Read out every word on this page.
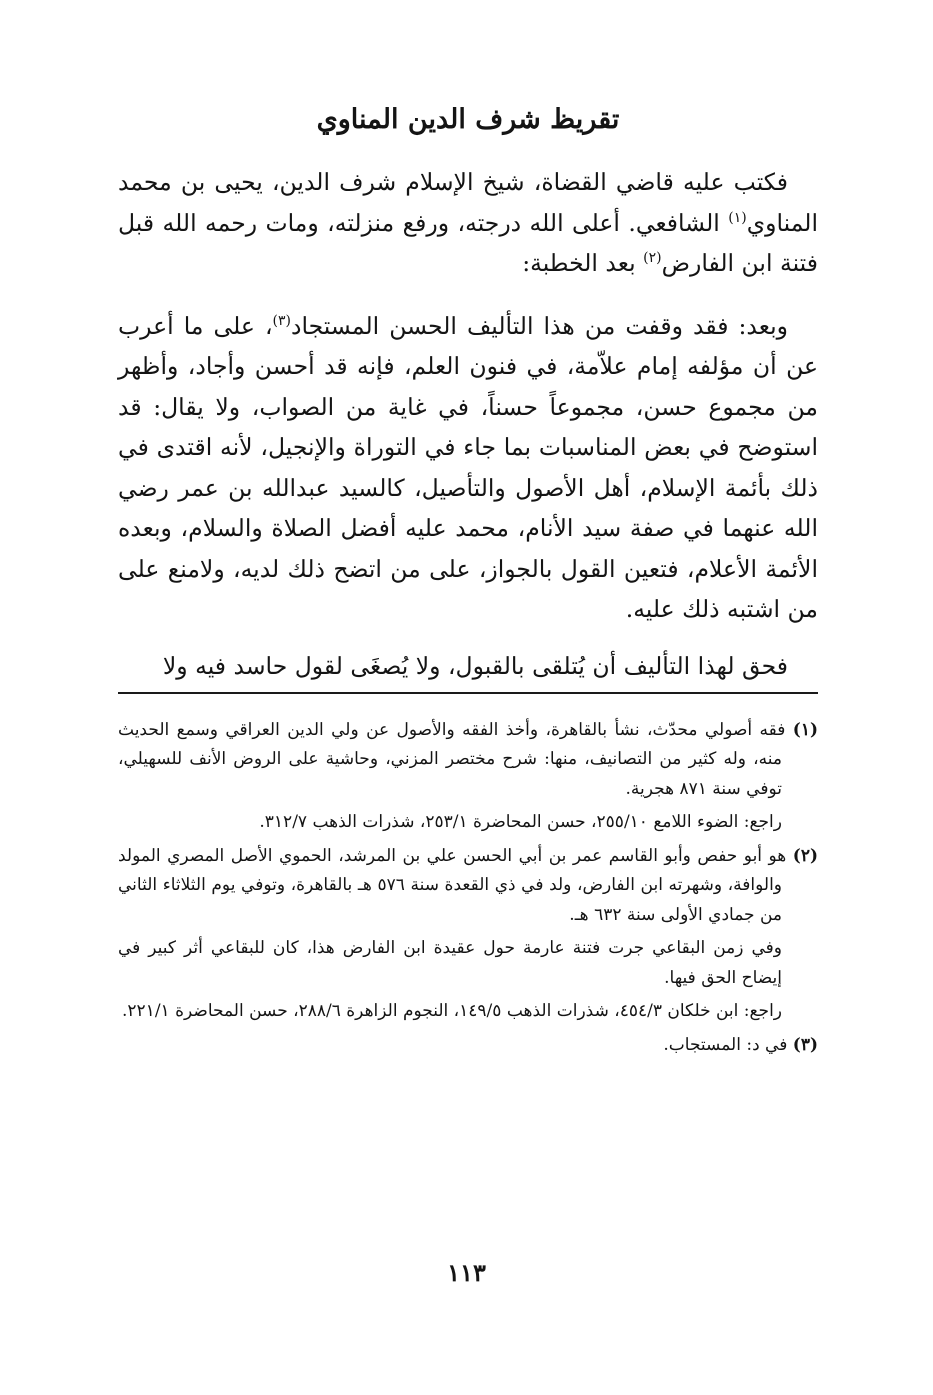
تقريظ شرف الدين المناوي

فكتب عليه قاضي القضاة، شيخ الإسلام شرف الدين، يحيى بن محمد المناوي$^{(١)}$ الشافعي. أعلى الله درجته، ورفع منزلته، ومات رحمه الله قبل فتنة ابن الفارض$^{(٢)}$ بعد الخطبة:

وبعد: فقد وقفت من هذا التأليف الحسن المستجاد$^{(٣)}$، على ما أعرب عن أن مؤلفه إمام علاّمة، في فنون العلم، فإنه قد أحسن وأجاد، وأظهر من مجموع حسن، مجموعاً حسناً، في غاية من الصواب، ولا يقال: قد استوضح في بعض المناسبات بما جاء في التوراة والإنجيل، لأنه اقتدى في ذلك بأئمة الإسلام، أهل الأصول والتأصيل، كالسيد عبدالله بن عمر رضي الله عنهما في صفة سيد الأنام، محمد عليه أفضل الصلاة والسلام، وبعده الأئمة الأعلام، فتعين القول بالجواز، على من اتضح ذلك لديه، ولامنع على من اشتبه ذلك عليه.

فحق لهذا التأليف أن يُتلقى بالقبول، ولا يُصغَى لقول حاسد فيه ولا

(١) فقه أصولي محدّث، نشأ بالقاهرة، وأخذ الفقه والأصول عن ولي الدين العراقي وسمع الحديث منه، وله كثير من التصانيف، منها: شرح مختصر المزني، وحاشية على الروض الأنف للسهيلي، توفي سنة ٨٧١ هجرية.

راجع: الضوء اللامع ٢٥٥/١٠، حسن المحاضرة ٢٥٣/١، شذرات الذهب ٣١٢/٧.

(٢) هو أبو حفص وأبو القاسم عمر بن أبي الحسن علي بن المرشد، الحموي الأصل المصري المولد والوافة، وشهرته ابن الفارض، ولد في ذي القعدة سنة ٥٧٦ هـ بالقاهرة، وتوفي يوم الثلاثاء الثاني من جمادي الأولى سنة ٦٣٢ هـ.

وفي زمن البقاعي جرت فتنة عارمة حول عقيدة ابن الفارض هذا، كان للبقاعي أثر كبير في إيضاح الحق فيها.

راجع: ابن خلكان ٤٥٤/٣، شذرات الذهب ١٤٩/٥، النجوم الزاهرة ٢٨٨/٦، حسن المحاضرة ٢٢١/١.

(٣) في د: المستجاب.

١١٣
